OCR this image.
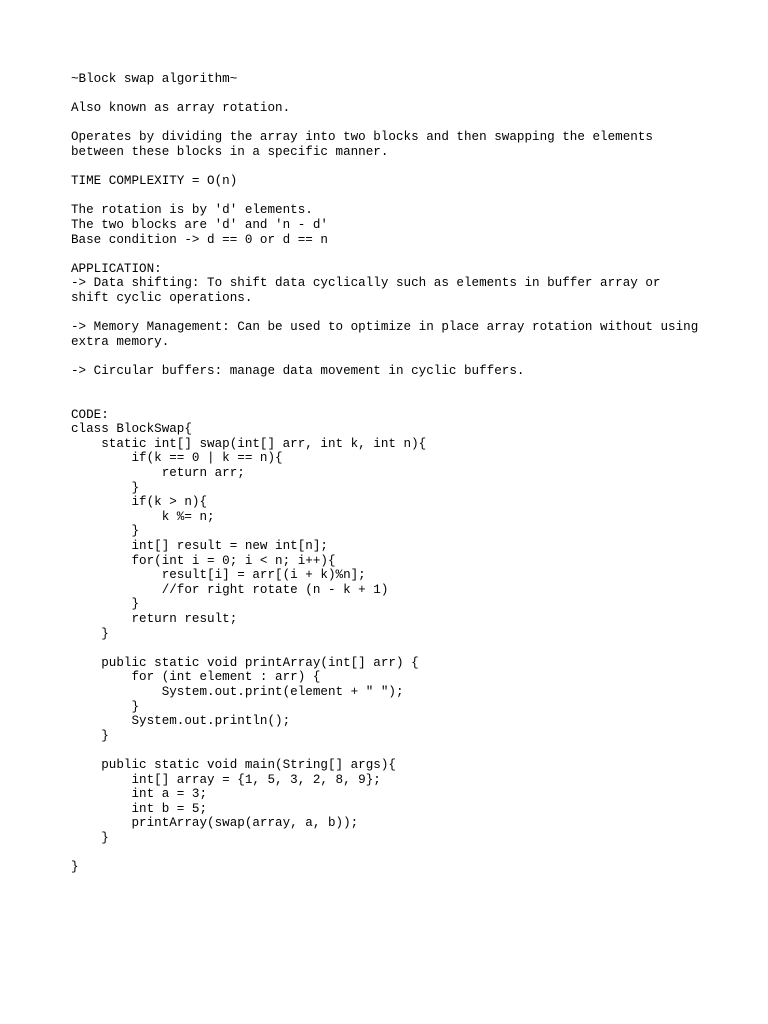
~Block swap algorithm~
Also known as array rotation.
Operates by dividing the array into two blocks and then swapping the elements
between these blocks in a specific manner.
TIME COMPLEXITY = O(n)
The rotation is by 'd' elements.
The two blocks are 'd' and 'n - d'
Base condition -> d == 0 or d == n
APPLICATION:
-> Data shifting: To shift data cyclically such as elements in buffer array or
shift cyclic operations.
-> Memory Management: Can be used to optimize in place array rotation without using
extra memory.
-> Circular buffers: manage data movement in cyclic buffers.
CODE:
class BlockSwap{
static int[] swap(int[] arr, int k, int n){
if(k == 0 | k == n){
return arr;
}
if(k > n){
k %= n;
}
int[] result = new int[n];
for(int i = 0; i < n; i++){
result[i] = arr[(i + k)%n];
//for right rotate (n - k + 1)
}
return result;
}
public static void printArray(int[] arr) {
for (int element : arr) {
System.out.print(element + " ");
}
System.out.println();
}
public static void main(String[] args){
int[] array = {1, 5, 3, 2, 8, 9};
int a = 3;
int b = 5;
printArray(swap(array, a, b));
}
}
